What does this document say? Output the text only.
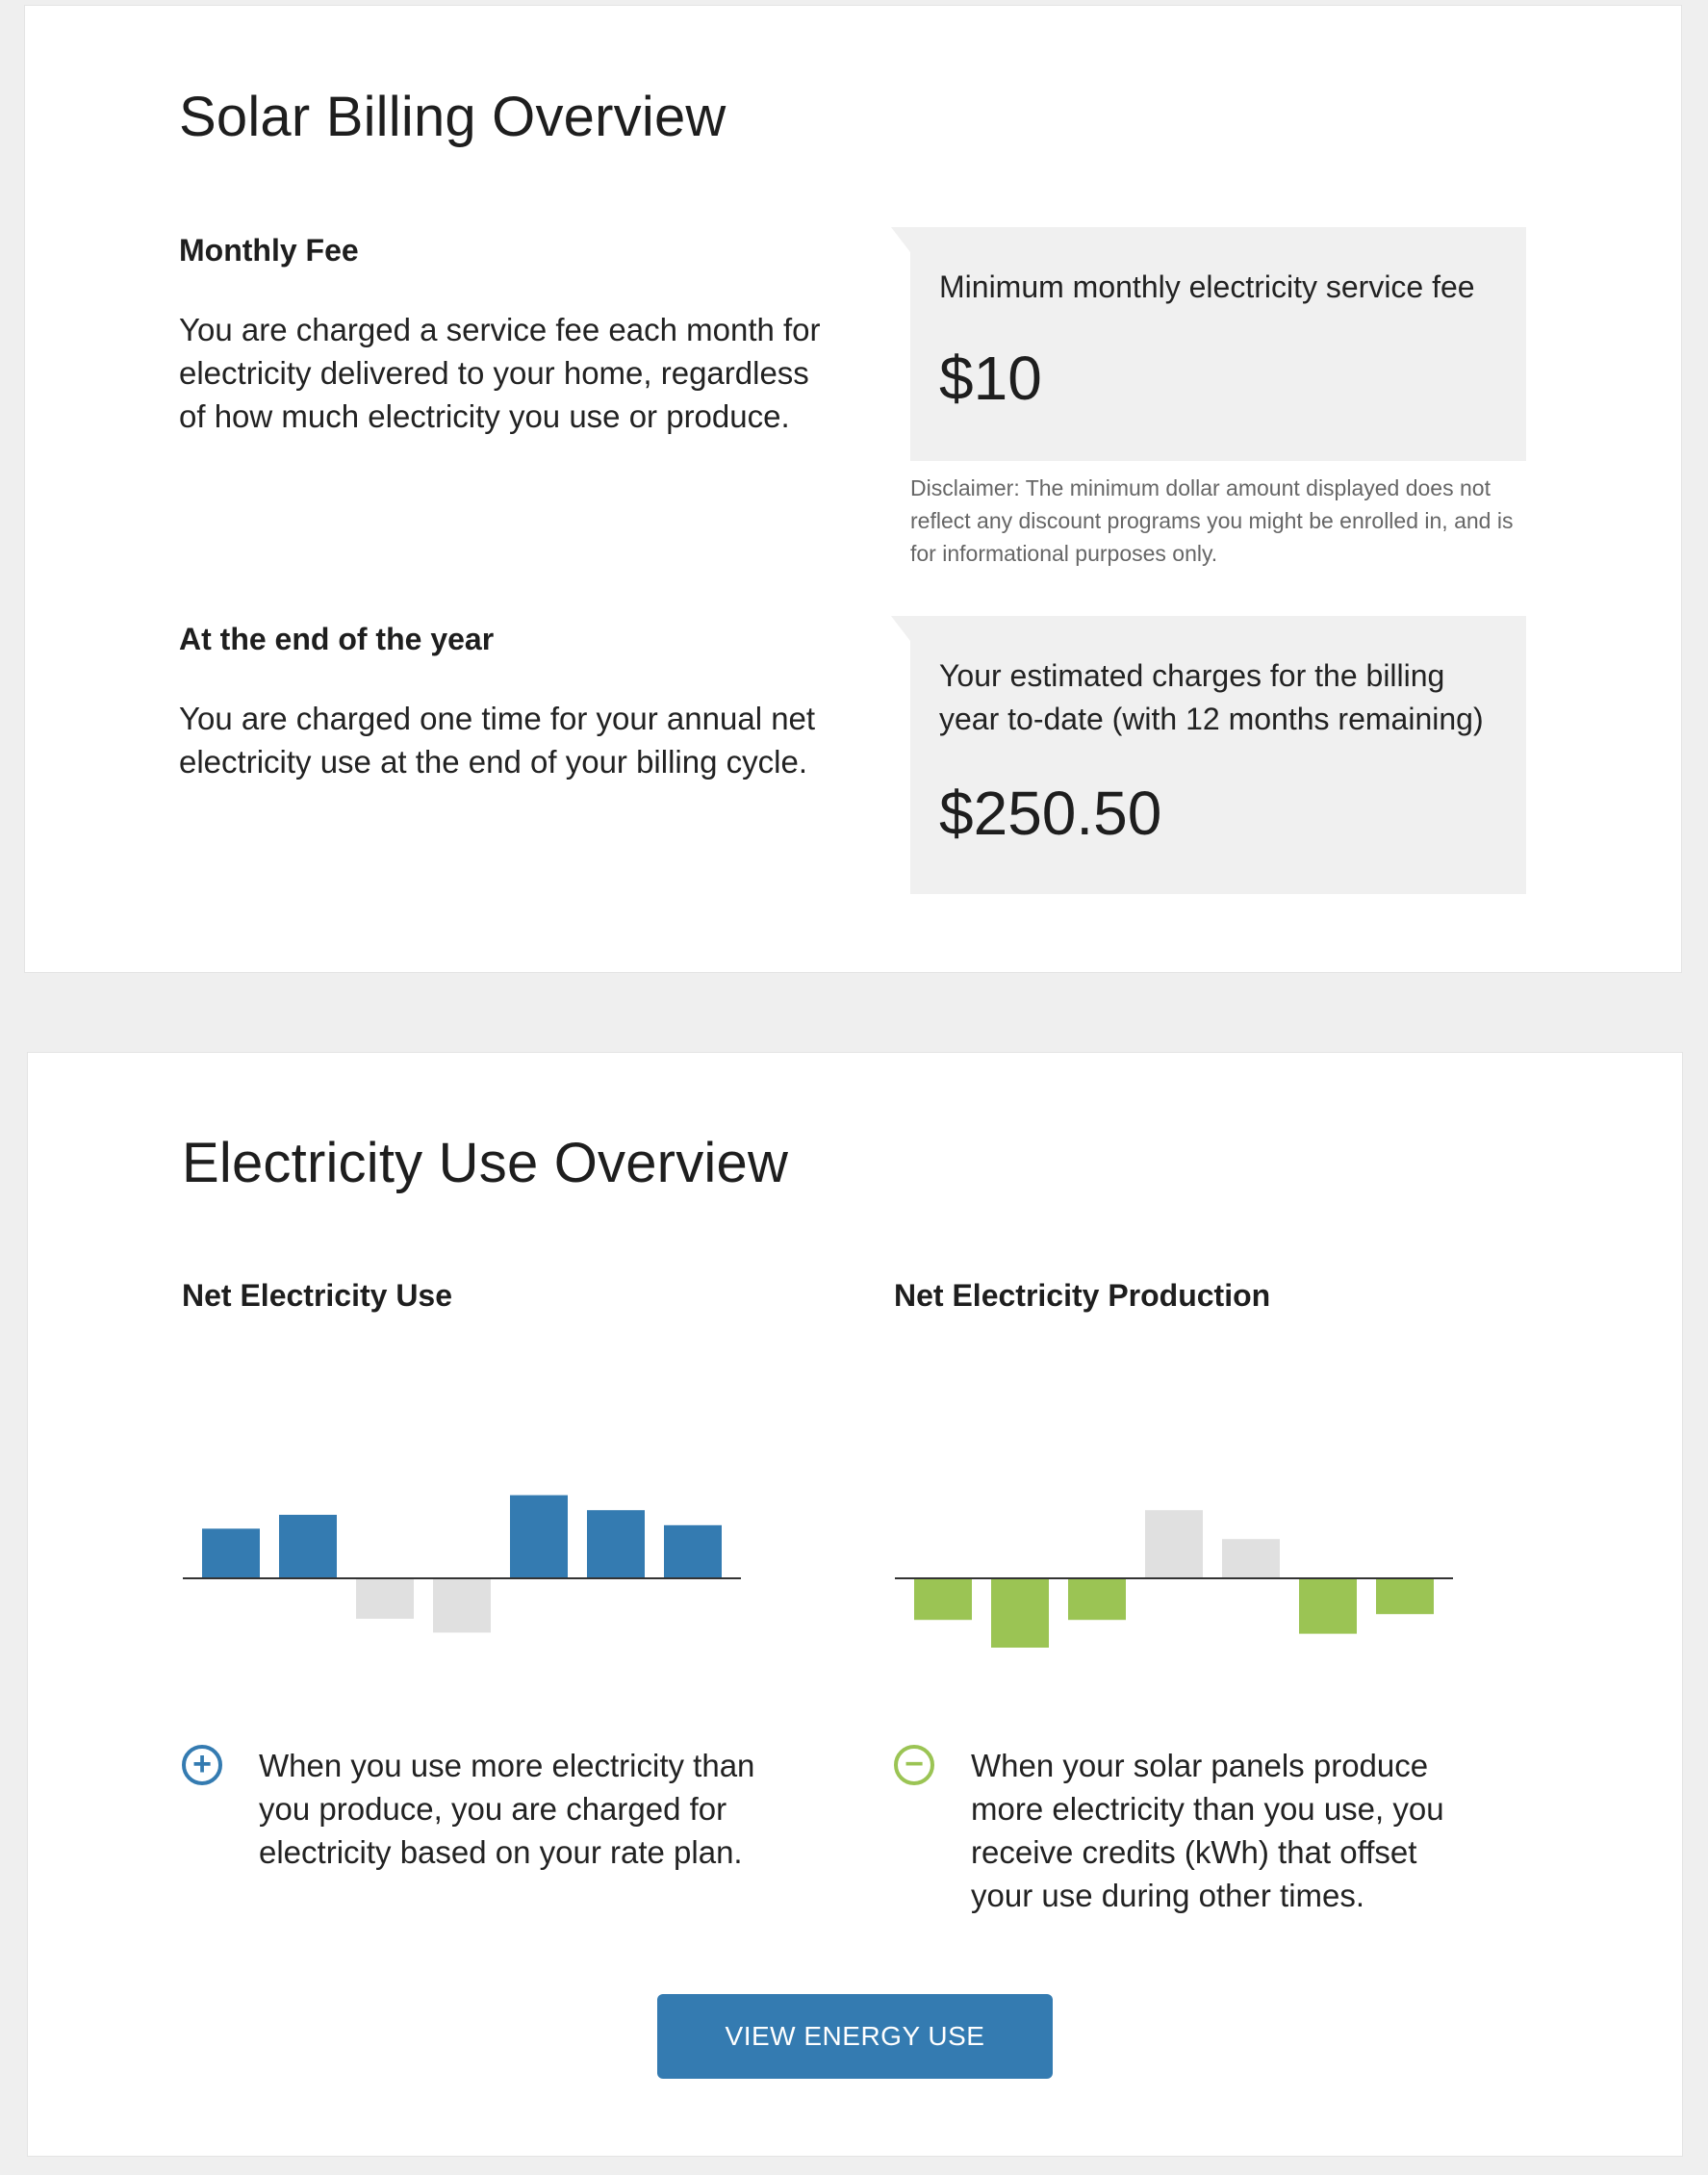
Solar Billing Overview
Monthly Fee
You are charged a service fee each month for electricity delivered to your home, regardless of how much electricity you use or produce.
Minimum monthly electricity service fee
$10
Disclaimer: The minimum dollar amount displayed does not reflect any discount programs you might be enrolled in, and is for informational purposes only.
At the end of the year
You are charged one time for your annual net electricity use at the end of your billing cycle.
Your estimated charges for the billing year to-date (with 12 months remaining)
$250.50
Electricity Use Overview
Net Electricity Use	Net Electricity Production
+	When you use more electricity than you produce, you are charged for electricity based on your rate plan.
−	When your solar panels produce more electricity than you use, you receive credits (kWh) that offset your use during other times.
VIEW ENERGY USE
